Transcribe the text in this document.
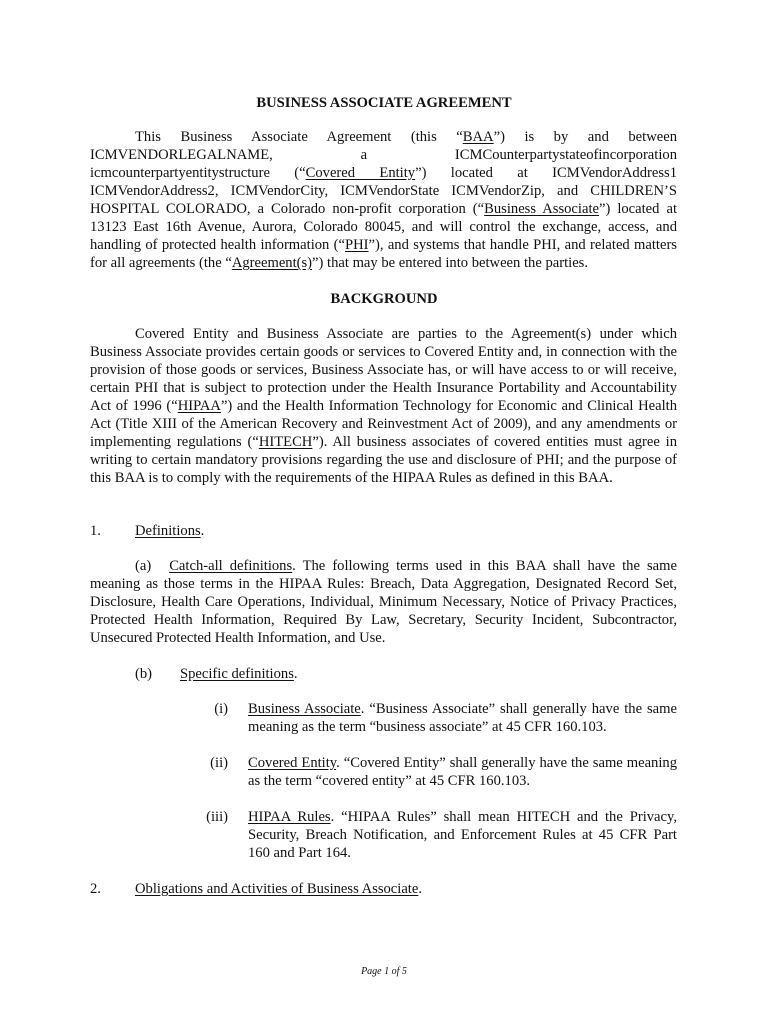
BUSINESS ASSOCIATE AGREEMENT
This Business Associate Agreement (this “BAA”) is by and between ICMVENDORLEGALNAME, a ICMCounterpartystateofincorporation icmcounterpartyentitystructure (“Covered Entity”) located at ICMVendorAddress1 ICMVendorAddress2, ICMVendorCity, ICMVendorState ICMVendorZip, and CHILDREN’S HOSPITAL COLORADO, a Colorado non-profit corporation (“Business Associate”) located at 13123 East 16th Avenue, Aurora, Colorado 80045, and will control the exchange, access, and handling of protected health information (“PHI”), and systems that handle PHI, and related matters for all agreements (the “Agreement(s)”) that may be entered into between the parties.
BACKGROUND
Covered Entity and Business Associate are parties to the Agreement(s) under which Business Associate provides certain goods or services to Covered Entity and, in connection with the provision of those goods or services, Business Associate has, or will have access to or will receive, certain PHI that is subject to protection under the Health Insurance Portability and Accountability Act of 1996 (“HIPAA”) and the Health Information Technology for Economic and Clinical Health Act (Title XIII of the American Recovery and Reinvestment Act of 2009), and any amendments or implementing regulations (“HITECH”). All business associates of covered entities must agree in writing to certain mandatory provisions regarding the use and disclosure of PHI; and the purpose of this BAA is to comply with the requirements of the HIPAA Rules as defined in this BAA.
1. Definitions.
(a) Catch-all definitions. The following terms used in this BAA shall have the same meaning as those terms in the HIPAA Rules: Breach, Data Aggregation, Designated Record Set, Disclosure, Health Care Operations, Individual, Minimum Necessary, Notice of Privacy Practices, Protected Health Information, Required By Law, Secretary, Security Incident, Subcontractor, Unsecured Protected Health Information, and Use.
(b) Specific definitions.
(i) Business Associate. “Business Associate” shall generally have the same meaning as the term “business associate” at 45 CFR 160.103.
(ii) Covered Entity. “Covered Entity” shall generally have the same meaning as the term “covered entity” at 45 CFR 160.103.
(iii) HIPAA Rules. “HIPAA Rules” shall mean HITECH and the Privacy, Security, Breach Notification, and Enforcement Rules at 45 CFR Part 160 and Part 164.
2. Obligations and Activities of Business Associate.
Page 1 of 5
